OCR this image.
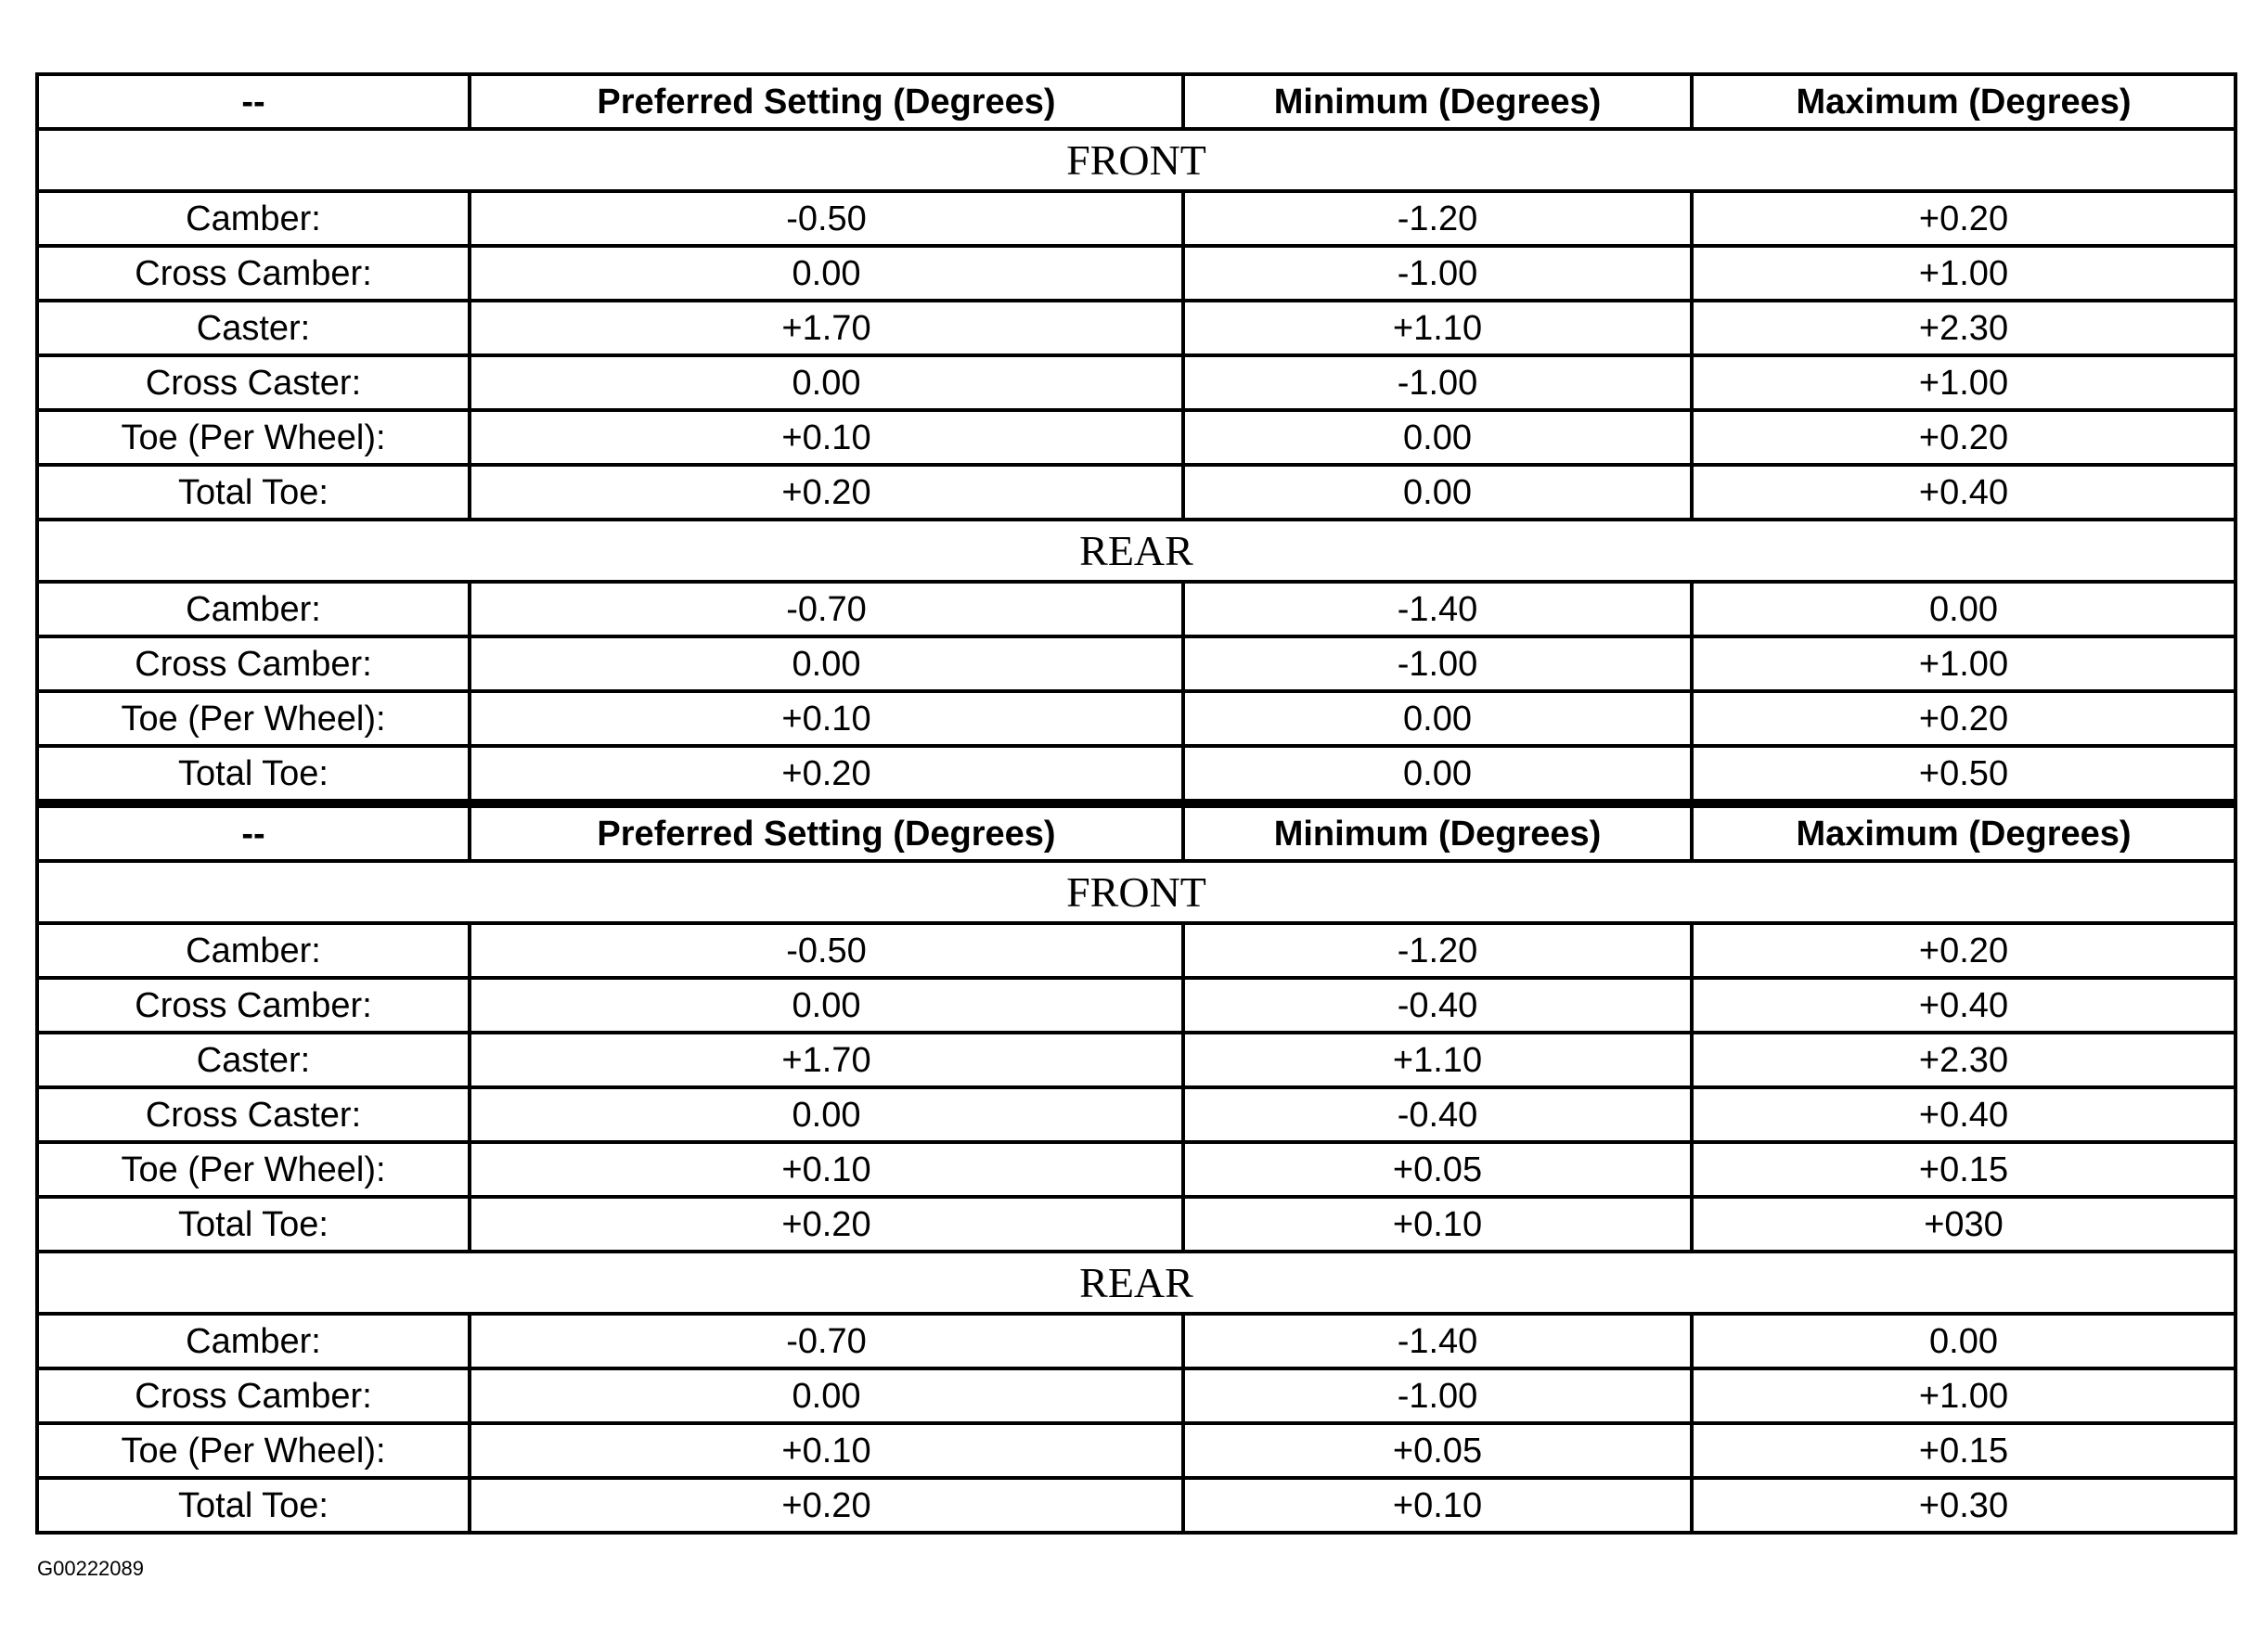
--	Preferred Setting (Degrees)	Minimum (Degrees)	Maximum (Degrees)
FRONT			
Camber:	-0.50	-1.20	+0.20
Cross Camber:	0.00	-1.00	+1.00
Caster:	+1.70	+1.10	+2.30
Cross Caster:	0.00	-1.00	+1.00
Toe (Per Wheel):	+0.10	0.00	+0.20
Total Toe:	+0.20	0.00	+0.40
REAR			
Camber:	-0.70	-1.40	0.00
Cross Camber:	0.00	-1.00	+1.00
Toe (Per Wheel):	+0.10	0.00	+0.20
Total Toe:	+0.20	0.00	+0.50
--	Preferred Setting (Degrees)	Minimum (Degrees)	Maximum (Degrees)
FRONT			
Camber:	-0.50	-1.20	+0.20
Cross Camber:	0.00	-0.40	+0.40
Caster:	+1.70	+1.10	+2.30
Cross Caster:	0.00	-0.40	+0.40
Toe (Per Wheel):	+0.10	+0.05	+0.15
Total Toe:	+0.20	+0.10	+030
REAR			
Camber:	-0.70	-1.40	0.00
Cross Camber:	0.00	-1.00	+1.00
Toe (Per Wheel):	+0.10	+0.05	+0.15
Total Toe:	+0.20	+0.10	+0.30
G00222089
